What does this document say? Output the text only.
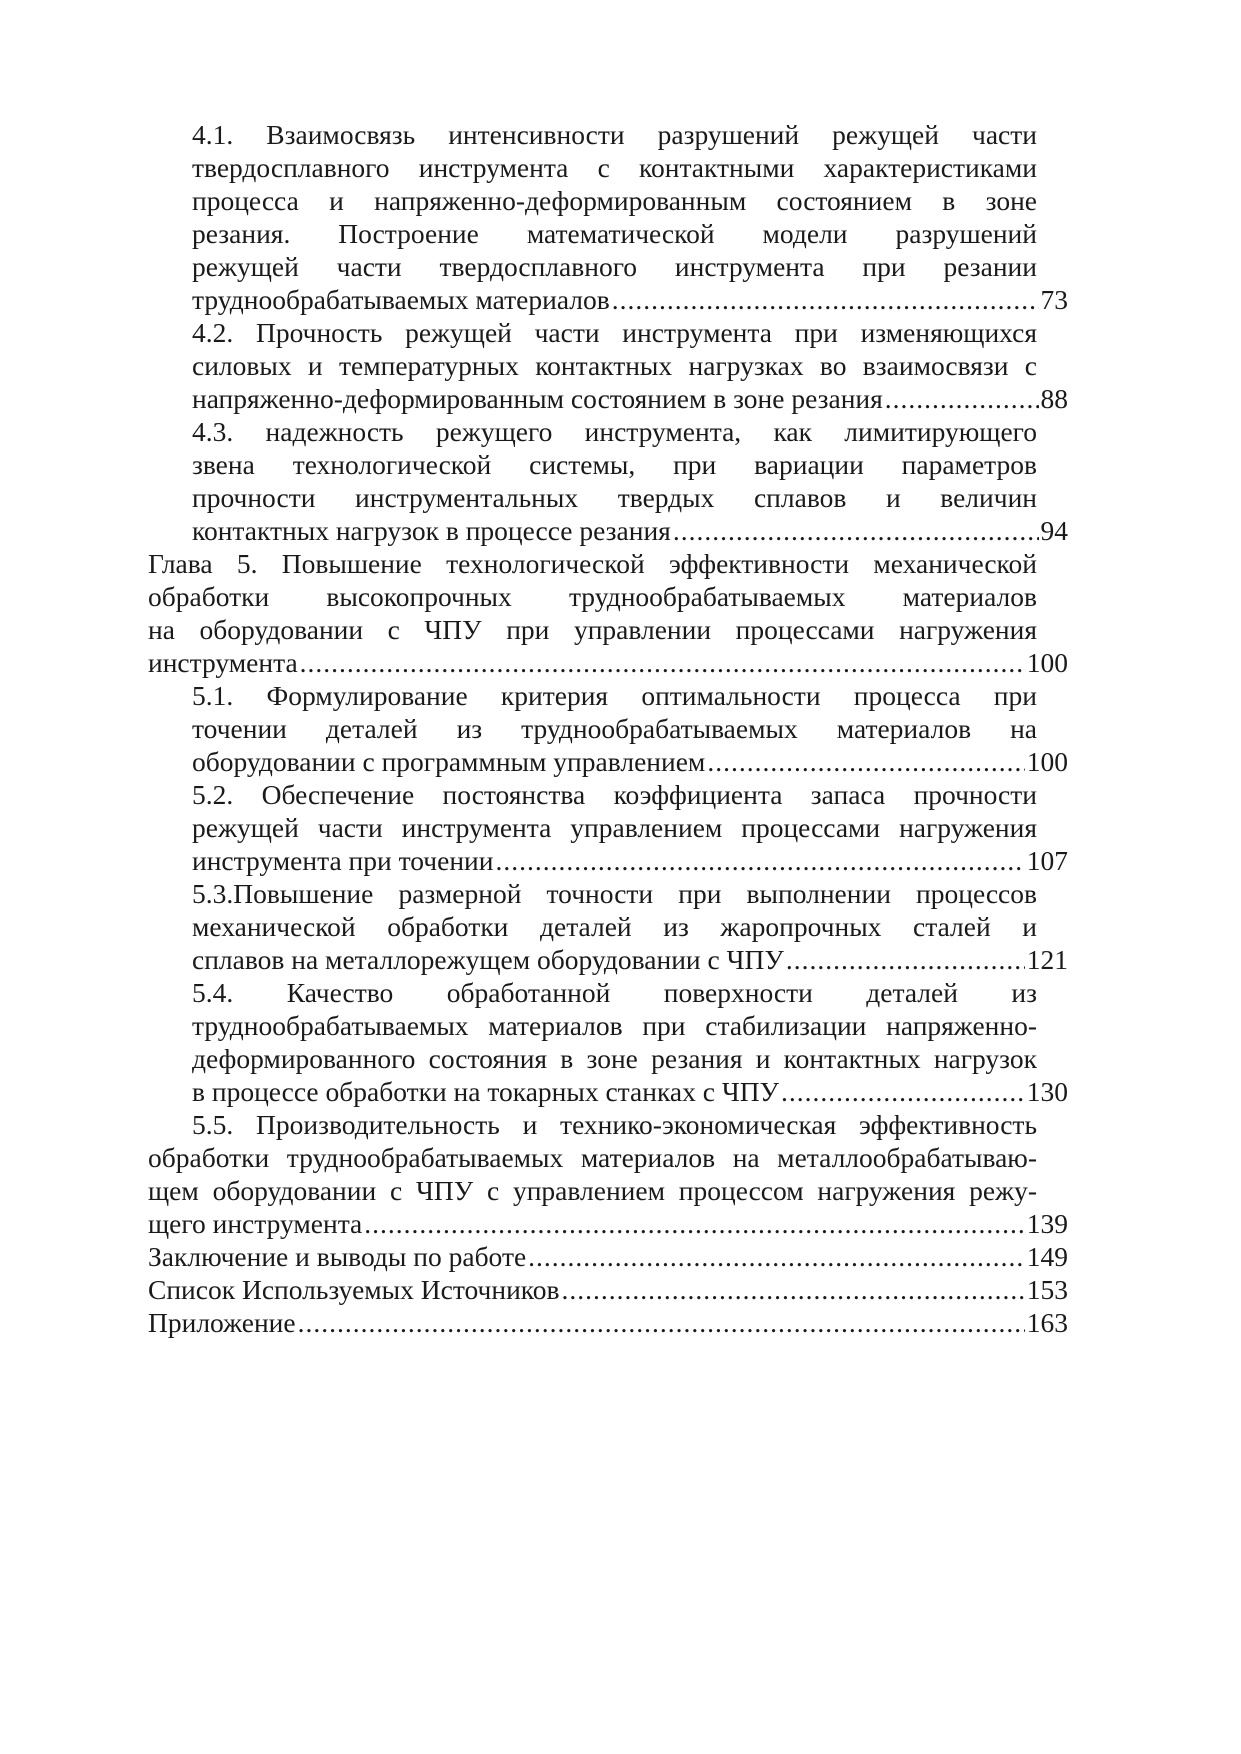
4.1. Взаимосвязь интенсивности разрушений режущей части
твердосплавного инструмента с контактными характеристиками
процесса и напряженно-деформированным состоянием в зоне
резания. Построение математической модели разрушений
режущей части твердосплавного инструмента при резании
труднообрабатываемых материалов .....	73
4.2. Прочность режущей части инструмента при изменяющихся
силовых и температурных контактных нагрузках во взаимосвязи с
напряженно-деформированным состоянием в зоне резания .....	88
4.3. надежность режущего инструмента, как лимитирующего
звена технологической системы, при вариации параметров
прочности инструментальных твердых сплавов и величин
контактных нагрузок в процессе резания .....	94
Глава 5. Повышение технологической эффективности механической
обработки высокопрочных труднообрабатываемых материалов
на оборудовании с ЧПУ при управлении процессами нагружения
инструмента .....	100
5.1. Формулирование критерия оптимальности процесса при
точении деталей из труднообрабатываемых материалов на
оборудовании с программным управлением .....	100
5.2. Обеспечение постоянства коэффициента запаса прочности
режущей части инструмента управлением процессами нагружения
инструмента при точении .....	107
5.3.Повышение размерной точности при выполнении процессов
механической обработки деталей из жаропрочных сталей и
сплавов на металлорежущем оборудовании с ЧПУ .....	121
5.4. Качество обработанной поверхности деталей из
труднообрабатываемых материалов при стабилизации напряженно-
деформированного состояния в зоне резания и контактных нагрузок
в процессе обработки на токарных станках с ЧПУ .....	130
5.5. Производительность и технико-экономическая эффективность
обработки труднообрабатываемых материалов на металлообрабатываю-
щем оборудовании с ЧПУ с управлением процессом нагружения режу-
щего инструмента .....	139
Заключение и выводы по работе .....	149
Список Используемых Источников .....	153
Приложение .....	163
